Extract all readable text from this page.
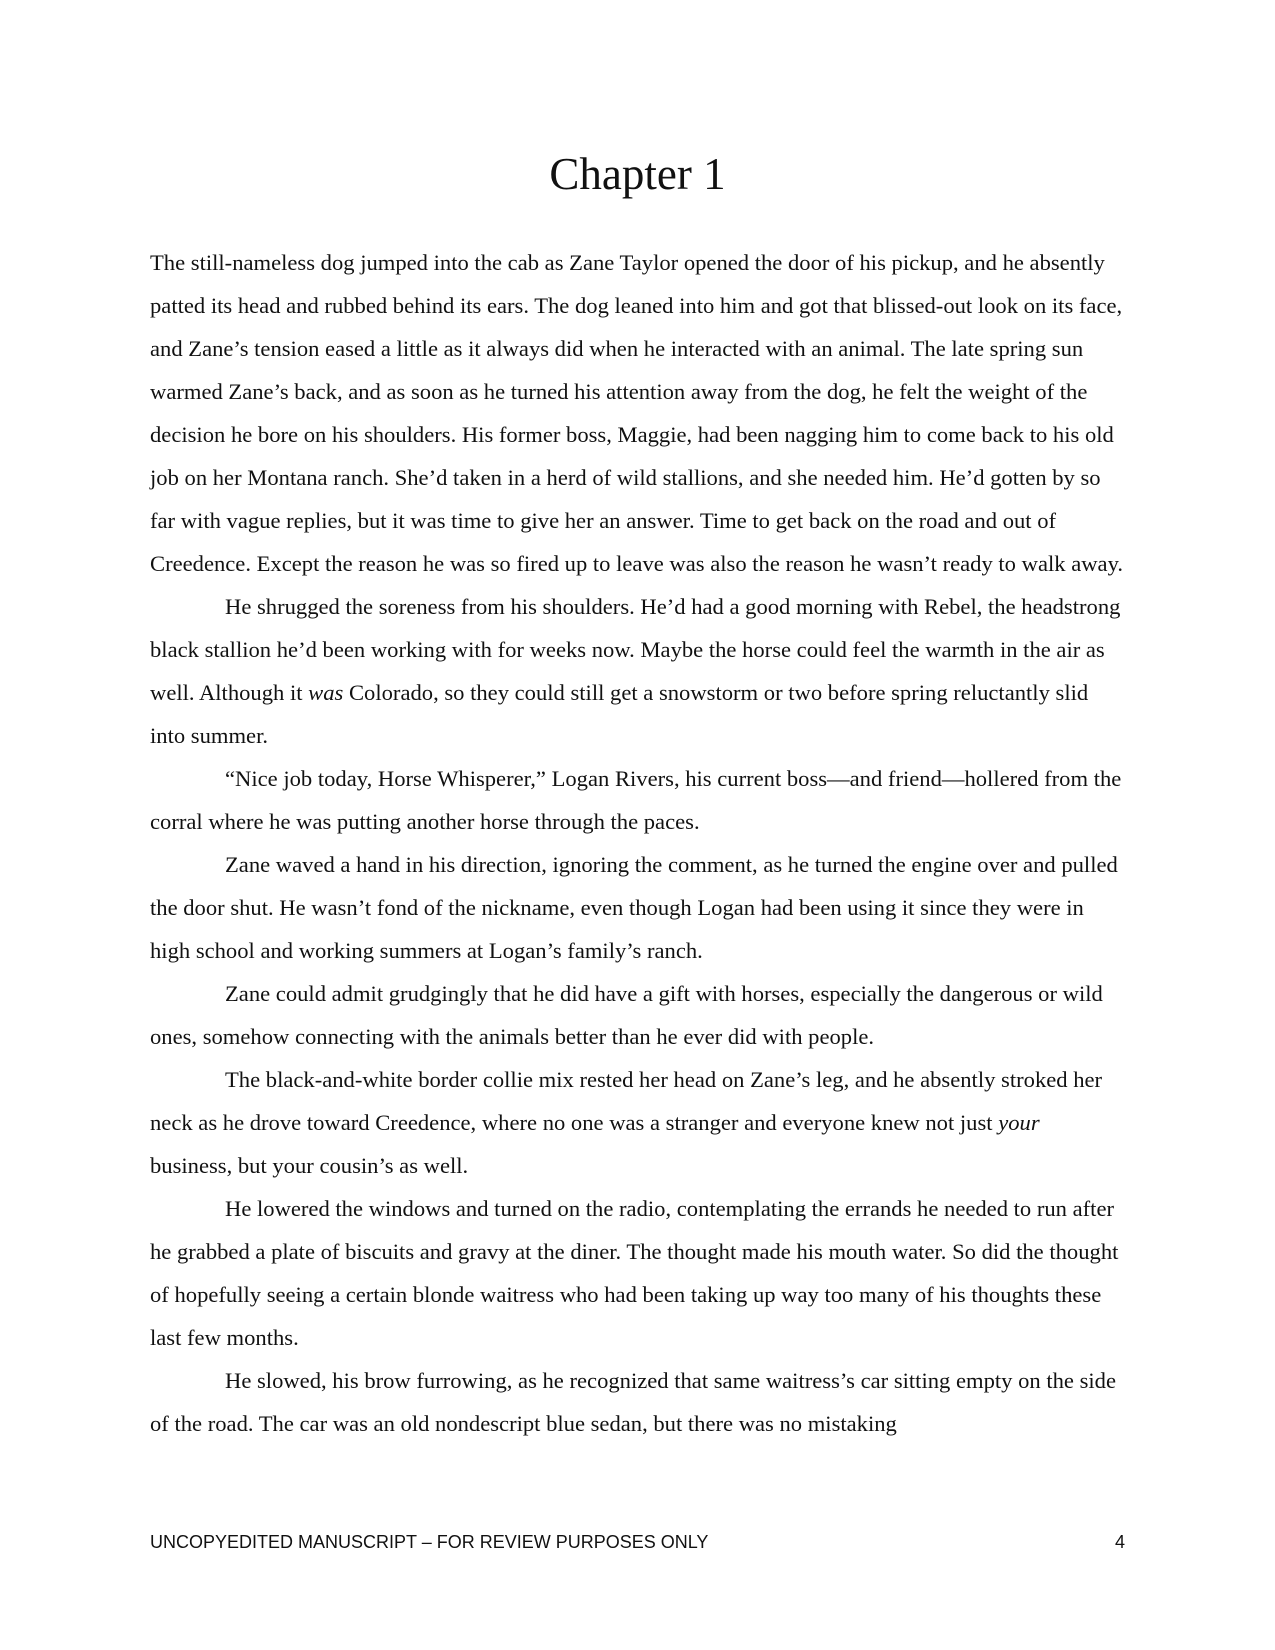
Chapter 1

The still-nameless dog jumped into the cab as Zane Taylor opened the door of his pickup, and he absently patted its head and rubbed behind its ears. The dog leaned into him and got that blissed-out look on its face, and Zane’s tension eased a little as it always did when he interacted with an animal. The late spring sun warmed Zane’s back, and as soon as he turned his attention away from the dog, he felt the weight of the decision he bore on his shoulders. His former boss, Maggie, had been nagging him to come back to his old job on her Montana ranch. She’d taken in a herd of wild stallions, and she needed him. He’d gotten by so far with vague replies, but it was time to give her an answer. Time to get back on the road and out of Creedence. Except the reason he was so fired up to leave was also the reason he wasn’t ready to walk away.

He shrugged the soreness from his shoulders. He’d had a good morning with Rebel, the headstrong black stallion he’d been working with for weeks now. Maybe the horse could feel the warmth in the air as well. Although it was Colorado, so they could still get a snowstorm or two before spring reluctantly slid into summer.

“Nice job today, Horse Whisperer,” Logan Rivers, his current boss—and friend—hollered from the corral where he was putting another horse through the paces.

Zane waved a hand in his direction, ignoring the comment, as he turned the engine over and pulled the door shut. He wasn’t fond of the nickname, even though Logan had been using it since they were in high school and working summers at Logan’s family’s ranch.

Zane could admit grudgingly that he did have a gift with horses, especially the dangerous or wild ones, somehow connecting with the animals better than he ever did with people.

The black-and-white border collie mix rested her head on Zane’s leg, and he absently stroked her neck as he drove toward Creedence, where no one was a stranger and everyone knew not just your business, but your cousin’s as well.

He lowered the windows and turned on the radio, contemplating the errands he needed to run after he grabbed a plate of biscuits and gravy at the diner. The thought made his mouth water. So did the thought of hopefully seeing a certain blonde waitress who had been taking up way too many of his thoughts these last few months.

He slowed, his brow furrowing, as he recognized that same waitress’s car sitting empty on the side of the road. The car was an old nondescript blue sedan, but there was no mistaking

UNCOPYEDITED MANUSCRIPT – FOR REVIEW PURPOSES ONLY	4
